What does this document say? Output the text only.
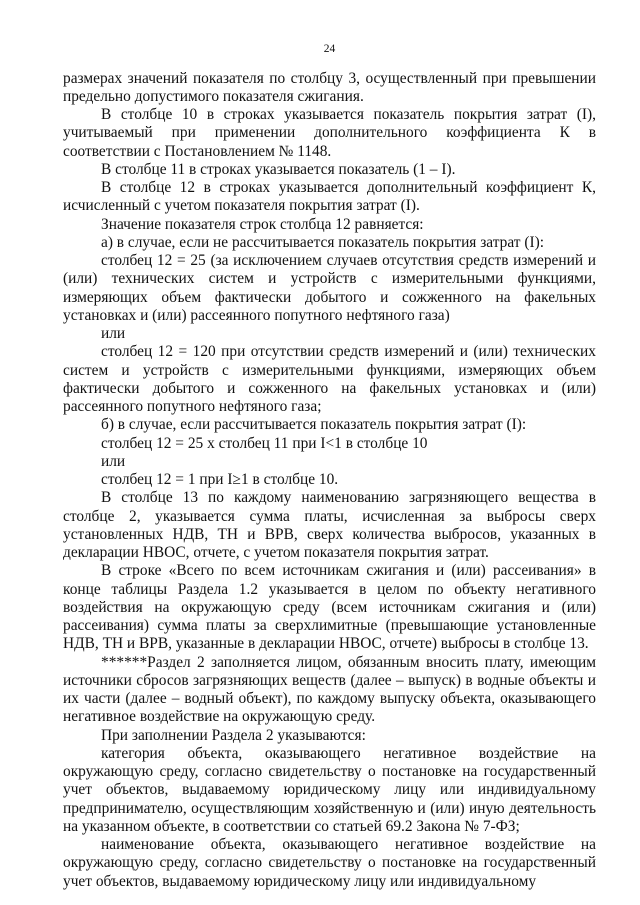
24

размерах значений показателя по столбцу 3, осуществленный при превышении предельно допустимого показателя сжигания.

В столбце 10 в строках указывается показатель покрытия затрат (I), учитываемый при применении дополнительного коэффициента К в соответствии с Постановлением № 1148.

В столбце 11 в строках указывается показатель (1 – I).

В столбце 12 в строках указывается дополнительный коэффициент К, исчисленный с учетом показателя покрытия затрат (I).

Значение показателя строк столбца 12 равняется:

а) в случае, если не рассчитывается показатель покрытия затрат (I):

столбец 12 = 25 (за исключением случаев отсутствия средств измерений и (или) технических систем и устройств с измерительными функциями, измеряющих объем фактически добытого и сожженного на факельных установках и (или) рассеянного попутного нефтяного газа)

или

столбец 12 = 120 при отсутствии средств измерений и (или) технических систем и устройств с измерительными функциями, измеряющих объем фактически добытого и сожженного на факельных установках и (или) рассеянного попутного нефтяного газа;

б) в случае, если рассчитывается показатель покрытия затрат (I):

столбец 12 = 25 х столбец 11 при I<1 в столбце 10

или

столбец 12 = 1 при I≥1 в столбце 10.

В столбце 13 по каждому наименованию загрязняющего вещества в столбце 2, указывается сумма платы, исчисленная за выбросы сверх установленных НДВ, ТН и ВРВ, сверх количества выбросов, указанных в декларации НВОС, отчете, с учетом показателя покрытия затрат.

В строке «Всего по всем источникам сжигания и (или) рассеивания» в конце таблицы Раздела 1.2 указывается в целом по объекту негативного воздействия на окружающую среду (всем источникам сжигания и (или) рассеивания) сумма платы за сверхлимитные (превышающие установленные НДВ, ТН и ВРВ, указанные в декларации НВОС, отчете) выбросы в столбце 13.

******Раздел 2 заполняется лицом, обязанным вносить плату, имеющим источники сбросов загрязняющих веществ (далее – выпуск) в водные объекты и их части (далее – водный объект), по каждому выпуску объекта, оказывающего негативное воздействие на окружающую среду.

При заполнении Раздела 2 указываются:

категория объекта, оказывающего негативное воздействие на окружающую среду, согласно свидетельству о постановке на государственный учет объектов, выдаваемому юридическому лицу или индивидуальному предпринимателю, осуществляющим хозяйственную и (или) иную деятельность на указанном объекте, в соответствии со статьей 69.2 Закона № 7-ФЗ;

наименование объекта, оказывающего негативное воздействие на окружающую среду, согласно свидетельству о постановке на государственный учет объектов, выдаваемому юридическому лицу или индивидуальному
